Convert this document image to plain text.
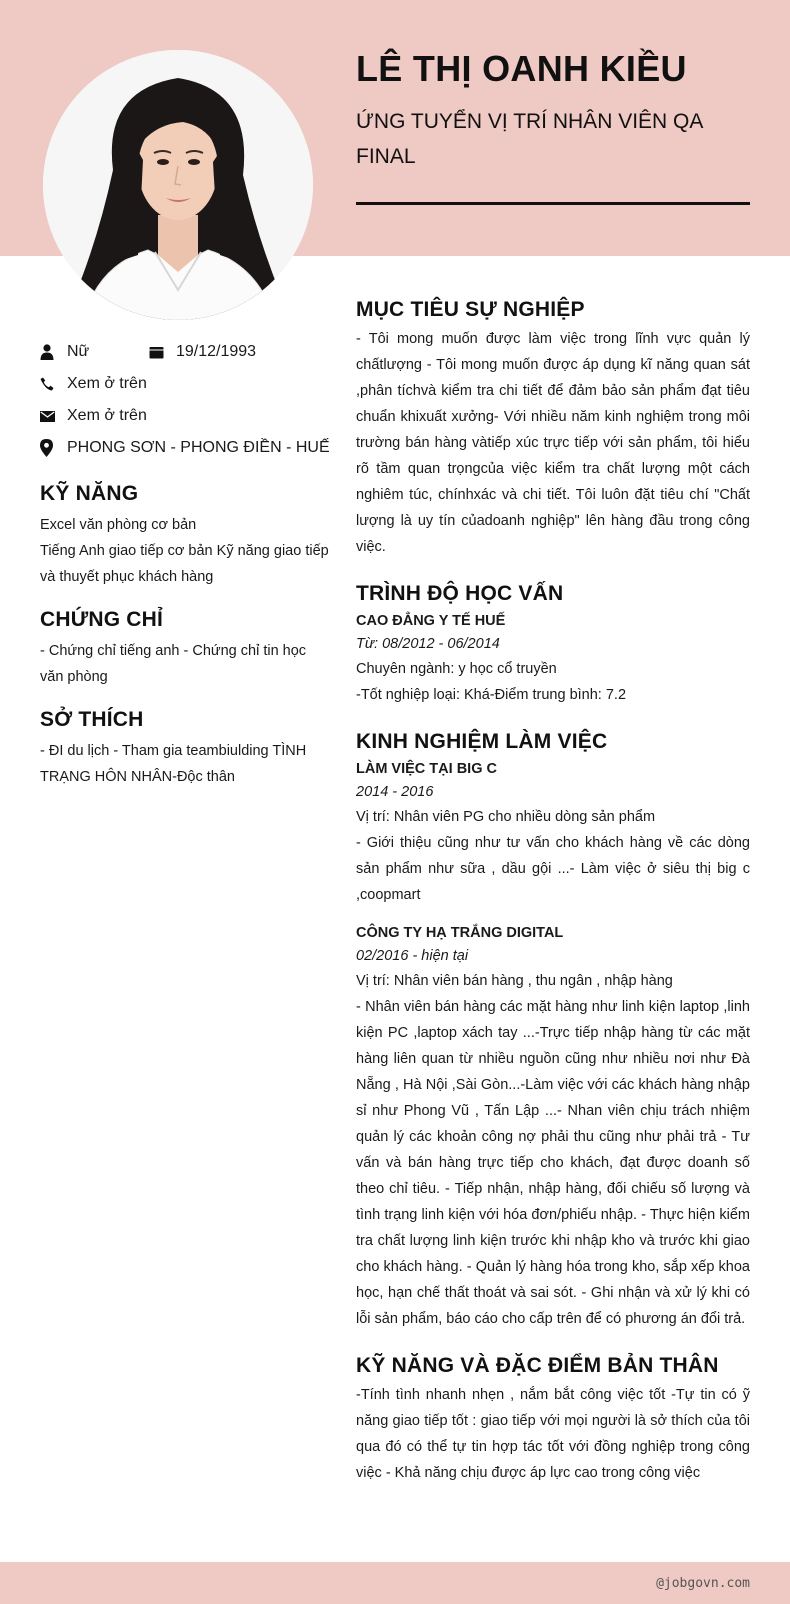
LÊ THỊ OANH KIỀU
ỨNG TUYỂN VỊ TRÍ NHÂN VIÊN QA FINAL
Nữ	19/12/1993
Xem ở trên
Xem ở trên
PHONG SƠN - PHONG ĐIỀN - HUẾ
KỸ NĂNG

Excel văn phòng cơ bản

Tiếng Anh giao tiếp cơ bản Kỹ năng giao tiếp và thuyết phục khách hàng

CHỨNG CHỈ

- Chứng chỉ tiếng anh - Chứng chỉ tin học văn phòng

SỞ THÍCH

- ĐI du lịch - Tham gia teambiulding TÌNH TRẠNG HÔN NHÂN-Độc thân

MỤC TIÊU SỰ NGHIỆP
- Tôi mong muốn được làm việc trong lĩnh vực quản lý chấtlượng - Tôi mong muốn được áp dụng kĩ năng quan sát ,phân tíchvà kiểm tra chi tiết để đảm bảo sản phẩm đạt tiêu chuẩn khixuất xưởng- Với nhiều năm kinh nghiệm trong môi trường bán hàng vàtiếp xúc trực tiếp với sản phẩm, tôi hiểu rõ tầm quan trọngcủa việc kiểm tra chất lượng một cách nghiêm túc, chínhxác và chi tiết. Tôi luôn đặt tiêu chí "Chất lượng là uy tín củadoanh nghiệp" lên hàng đầu trong công việc.
TRÌNH ĐỘ HỌC VẤN
CAO ĐẲNG Y TẾ HUẾ
Từ: 08/2012 - 06/2014
Chuyên ngành: y học cổ truyền
-Tốt nghiệp loại: Khá-Điểm trung bình: 7.2
KINH NGHIỆM LÀM VIỆC
LÀM VIỆC TẠI BIG C
2014 - 2016
Vị trí: Nhân viên PG cho nhiều dòng sản phẩm
- Giới thiệu cũng như tư vấn cho khách hàng về các dòng sản phẩm như sữa , dầu gội ...- Làm việc ở siêu thị big c ,coopmart
CÔNG TY HẠ TRẮNG DIGITAL
02/2016 - hiện tại
Vị trí: Nhân viên bán hàng , thu ngân , nhập hàng
- Nhân viên bán hàng các mặt hàng như linh kiện laptop ,linh kiện PC ,laptop xách tay ...-Trực tiếp nhập hàng từ các mặt hàng liên quan từ nhiều nguồn cũng như nhiều nơi như Đà Nẵng , Hà Nội ,Sài Gòn...-Làm việc với các khách hàng nhập sỉ như Phong Vũ , Tấn Lập ...- Nhan viên chịu trách nhiệm quản lý các khoản công nợ phải thu cũng như phải trả - Tư vấn và bán hàng trực tiếp cho khách, đạt được doanh số theo chỉ tiêu. - Tiếp nhận, nhập hàng, đối chiếu số lượng và tình trạng linh kiện với hóa đơn/phiếu nhập. - Thực hiện kiểm tra chất lượng linh kiện trước khi nhập kho và trước khi giao cho khách hàng. - Quản lý hàng hóa trong kho, sắp xếp khoa học, hạn chế thất thoát và sai sót. - Ghi nhận và xử lý khi có lỗi sản phẩm, báo cáo cho cấp trên để có phương án đổi trả.
KỸ NĂNG VÀ ĐẶC ĐIỂM BẢN THÂN
-Tính tình nhanh nhẹn , nắm bắt công việc tốt -Tự tin có ỹ năng giao tiếp tốt : giao tiếp với mọi người là sở thích của tôi qua đó có thể tự tin hợp tác tốt với đồng nghiệp trong công việc - Khả năng chịu được áp lực cao trong công việc
@jobgovn.com
